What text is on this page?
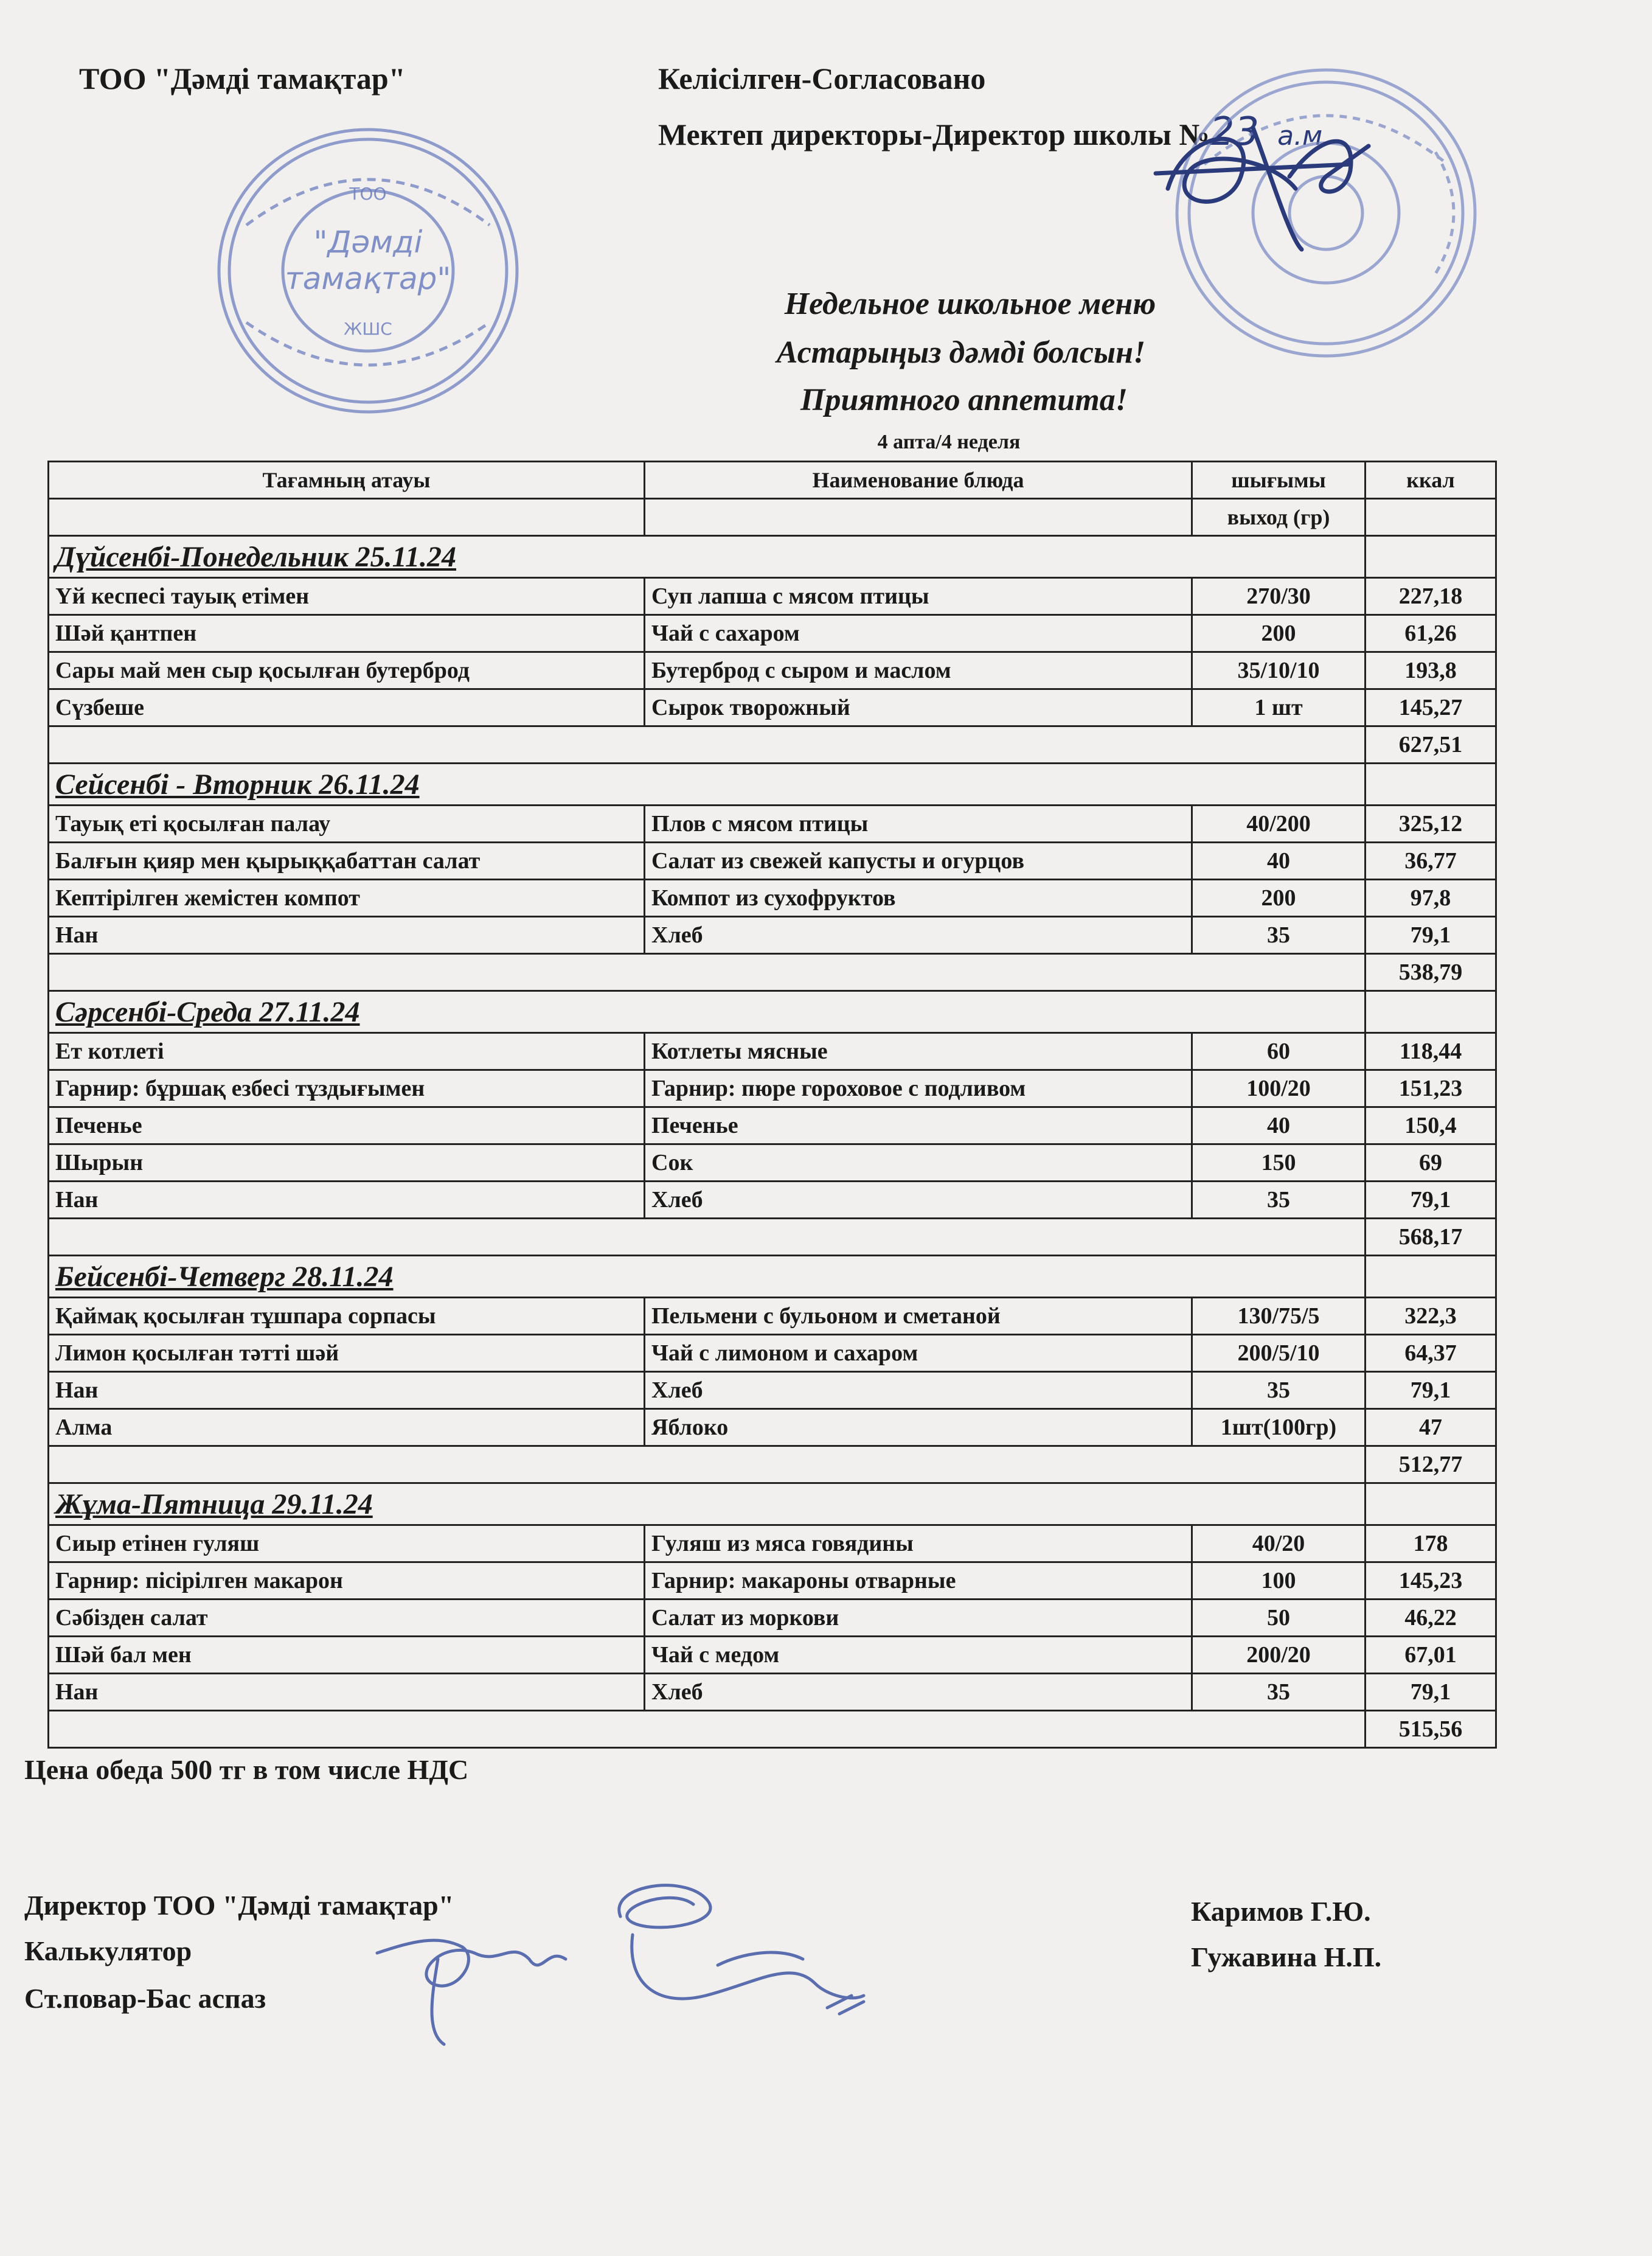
ТОО "Дәмді тамақтар"	Келісілген-Согласовано
Мектеп директоры-Директор школы №23 а.м
ТОО
"Дәмді
тамақтар"
ЖШС
Недельное школьное меню
Астарыңыз дәмді болсын!
Приятного аппетита!
4 апта/4 неделя
Тағамның атауы	Наименование блюда	шығымы	ккал
		выход (гр)	
Дүйсенбі-Понедельник 25.11.24			
Үй кеспесі тауық етімен	Суп лапша с мясом птицы	270/30	227,18
Шәй қантпен	Чай с сахаром	200	61,26
Сары май мен сыр қосылған бутерброд	Бутерброд с сыром и маслом	35/10/10	193,8
Сүзбеше	Сырок творожный	1 шт	145,27
			627,51
Сейсенбі - Вторник 26.11.24			
Тауық еті қосылған палау	Плов с мясом птицы	40/200	325,12
Балғын қияр мен қырыққабаттан салат	Салат из свежей капусты и огурцов	40	36,77
Кептірілген жемістен компот	Компот из сухофруктов	200	97,8
Нан	Хлеб	35	79,1
			538,79
Сәрсенбі-Среда 27.11.24			
Ет котлеті	Котлеты мясные	60	118,44
Гарнир: бұршақ езбесі тұздығымен	Гарнир: пюре гороховое с подливом	100/20	151,23
Печенье	Печенье	40	150,4
Шырын	Сок	150	69
Нан	Хлеб	35	79,1
			568,17
Бейсенбі-Четверг 28.11.24			
Қаймақ қосылған тұшпара сорпасы	Пельмени с бульоном и сметаной	130/75/5	322,3
Лимон қосылған тәтті шәй	Чай с лимоном и сахаром	200/5/10	64,37
Нан	Хлеб	35	79,1
Алма	Яблоко	1шт(100гр)	47
			512,77
Жұма-Пятница 29.11.24			
Сиыр етінен гуляш	Гуляш из мяса говядины	40/20	178
Гарнир: пісірілген макарон	Гарнир: макароны отварные	100	145,23
Сәбізден салат	Салат из моркови	50	46,22
Шәй бал мен	Чай с медом	200/20	67,01
Нан	Хлеб	35	79,1
			515,56
Цена обеда 500 тг в том числе НДС
Директор ТОО "Дәмді тамақтар"
Калькулятор
Ст.повар-Бас аспаз
Каримов Г.Ю.
Гужавина Н.П.
